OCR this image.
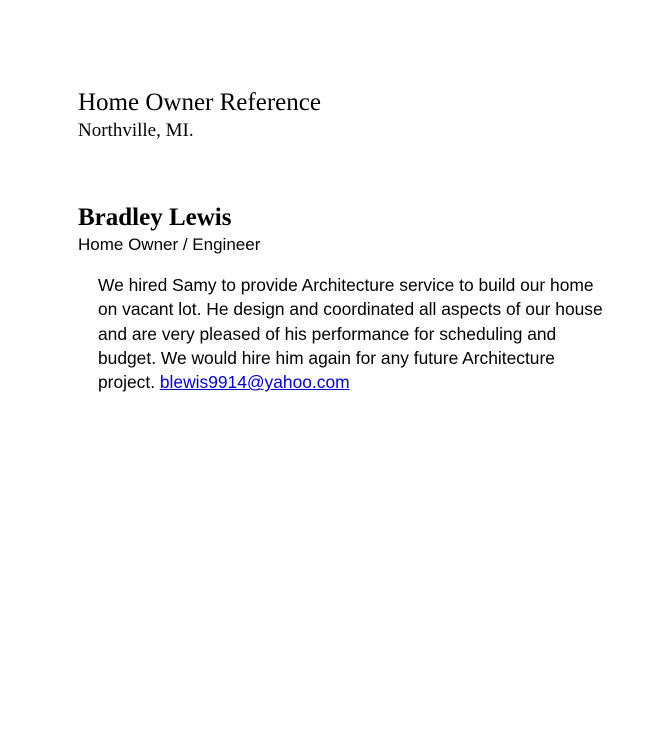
Home Owner Reference
Northville, MI.
Bradley Lewis
Home Owner / Engineer

We hired Samy to provide Architecture service to build our home on vacant lot. He design and coordinated all aspects of our house and are very pleased of his performance for scheduling and budget. We would hire him again for any future Architecture project. blewis9914@yahoo.com
